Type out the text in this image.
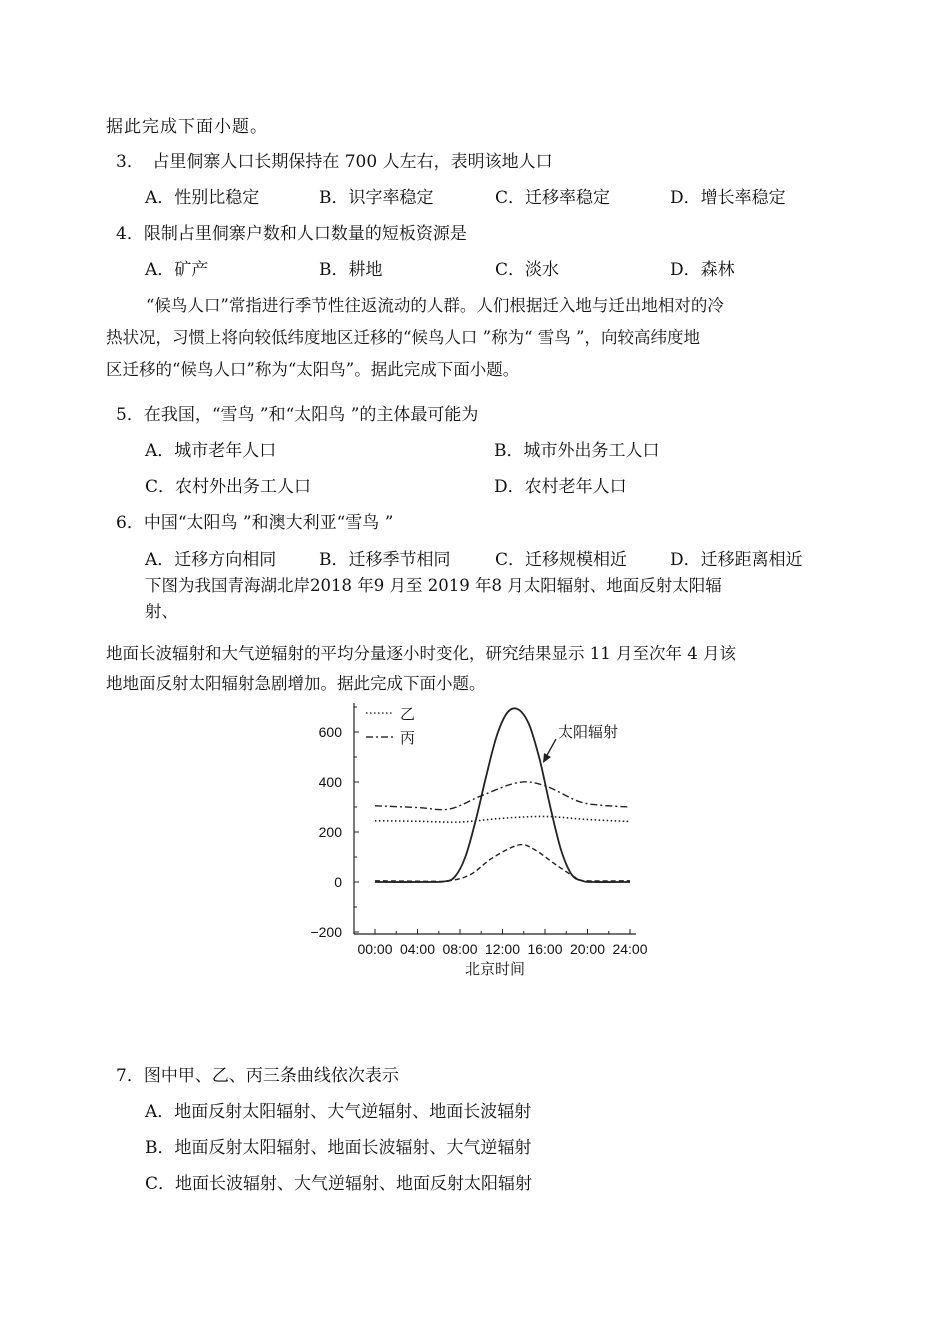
据此完成下面小题。
3．　占里侗寨人口长期保持在 700 人左右，表明该地人口
A．性别比稳定	B．识字率稳定	C．迁移率稳定	D．增长率稳定
4．限制占里侗寨户数和人口数量的短板资源是
A．矿产	B．耕地	C．淡水	D．森林
“候鸟人口”常指进行季节性往返流动的人群。人们根据迁入地与迁出地相对的冷
热状况，习惯上将向较低纬度地区迁移的“候鸟人口 ”称为“ 雪鸟 ”，向较高纬度地
区迁移的“候鸟人口”称为“太阳鸟”。据此完成下面小题。
5．在我国，“雪鸟 ”和“太阳鸟 ”的主体最可能为
A．城市老年人口	B．城市外出务工人口
C．农村外出务工人口	D．农村老年人口
6．中国“太阳鸟 ”和澳大利亚“雪鸟 ”
A．迁移方向相同	B．迁移季节相同	C．迁移规模相近	D．迁移距离相近
下图为我国青海湖北岸2018 年9 月至 2019 年8 月太阳辐射、地面反射太阳辐
射、
地面长波辐射和大气逆辐射的平均分量逐小时变化，研究结果显示 11 月至次年 4 月该
地地面反射太阳辐射急剧增加。据此完成下面小题。
600
400
200
0
−200
00:00 04:00 08:00 12:00 16:00 20:00 24:00
乙
丙	太阳辐射
北京时间
7．图中甲、乙、丙三条曲线依次表示
A．地面反射太阳辐射、大气逆辐射、地面长波辐射
B．地面反射太阳辐射、地面长波辐射、大气逆辐射
C．地面长波辐射、大气逆辐射、地面反射太阳辐射
